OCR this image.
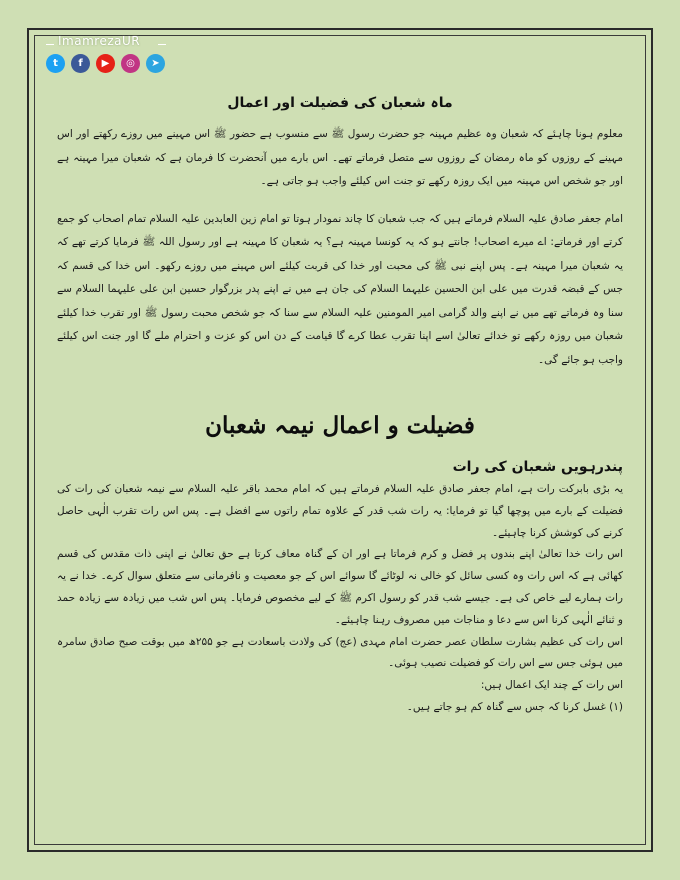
ImamrezaUR
t	f	▶	◎	➤
ماہ شعبان کی فضیلت اور اعمال

معلوم ہونا چاہئے کہ شعبان وہ عظیم مہینہ جو حضرت رسول ﷺ سے منسوب ہے حضور ﷺ اس مہینے میں روزے رکھتے اور اس مہینے کے روزوں کو ماہ رمضان کے روزوں سے متصل فرماتے تھے۔ اس بارے میں آنحضرت کا فرمان ہے کہ شعبان میرا مہینہ ہے اور جو شخص اس مہینہ میں ایک روزہ رکھے تو جنت اس کیلئے واجب ہو جاتی ہے۔

امام جعفر صادق علیہ السلام فرماتے ہیں کہ جب شعبان کا چاند نمودار ہوتا تو امام زین العابدین علیہ السلام تمام اصحاب کو جمع کرتے اور فرماتے: اے میرے اصحاب! جانتے ہو کہ یہ کونسا مہینہ ہے؟ یہ شعبان کا مہینہ ہے اور رسول اللہ ﷺ فرمایا کرتے تھے کہ یہ شعبان میرا مہینہ ہے۔ پس اپنے نبی ﷺ کی محبت اور خدا کی قربت کیلئے اس مہینے میں روزے رکھو۔ اس خدا کی قسم کہ جس کے قبضہ قدرت میں علی ابن الحسین علیہما السلام کی جان ہے میں نے اپنے پدر بزرگوار حسین ابن علی علیہما السلام سے سنا وہ فرماتے تھے میں نے اپنے والد گرامی امیر المومنین علیہ السلام سے سنا کہ جو شخص محبت رسول ﷺ اور تقرب خدا کیلئے شعبان میں روزہ رکھے تو خدائے تعالیٰ اسے اپنا تقرب عطا کرے گا قیامت کے دن اس کو عزت و احترام ملے گا اور جنت اس کیلئے واجب ہو جائے گی۔

فضیلت و اعمال نیمہ شعبان
پندرہویں شعبان کی رات

یہ بڑی بابرکت رات ہے، امام جعفر صادق علیہ السلام فرماتے ہیں کہ امام محمد باقر علیہ السلام سے نیمہ شعبان کی رات کی فضیلت کے بارے میں پوچھا گیا تو فرمایا: یہ رات شب قدر کے علاوہ تمام راتوں سے افضل ہے۔ پس اس رات تقرب الٰہی حاصل کرنے کی کوشش کرنا چاہیئے۔

اس رات خدا تعالیٰ اپنے بندوں پر فضل و کرم فرماتا ہے اور ان کے گناہ معاف کرتا ہے حق تعالیٰ نے اپنی ذات مقدس کی قسم کھائی ہے کہ اس رات وہ کسی سائل کو خالی نہ لوٹائے گا سوائے اس کے جو معصیت و نافرمانی سے متعلق سوال کرے۔ خدا نے یہ رات ہمارے لیے خاص کی ہے۔ جیسے شب قدر کو رسول اکرم ﷺ کے لیے مخصوص فرمایا۔ پس اس شب میں زیادہ سے زیادہ حمد و ثنائے الٰہی کرنا اس سے دعا و مناجات میں مصروف رہنا چاہیئے۔

اس رات کی عظیم بشارت سلطان عصر حضرت امام مہدی (عج) کی ولادت باسعادت ہے جو ۲۵۵ھ میں بوقت صبح صادق سامرہ میں ہوئی جس سے اس رات کو فضیلت نصیب ہوئی۔

اس رات کے چند ایک اعمال ہیں:

(۱) غسل کرنا کہ جس سے گناہ کم ہو جاتے ہیں۔
